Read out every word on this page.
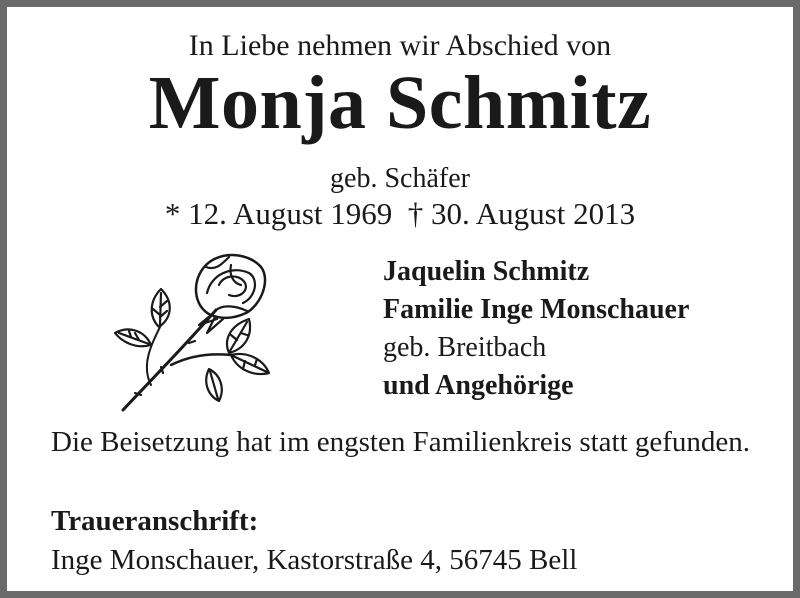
In Liebe nehmen wir Abschied von
Monja Schmitz
geb. Schäfer
* 12. August 1969 † 30. August 2013
Jaquelin Schmitz
Familie Inge Monschauer
geb. Breitbach
und Angehörige
Die Beisetzung hat im engsten Familienkreis statt gefunden.
Traueranschrift:
Inge Monschauer, Kastorstraße 4, 56745 Bell
